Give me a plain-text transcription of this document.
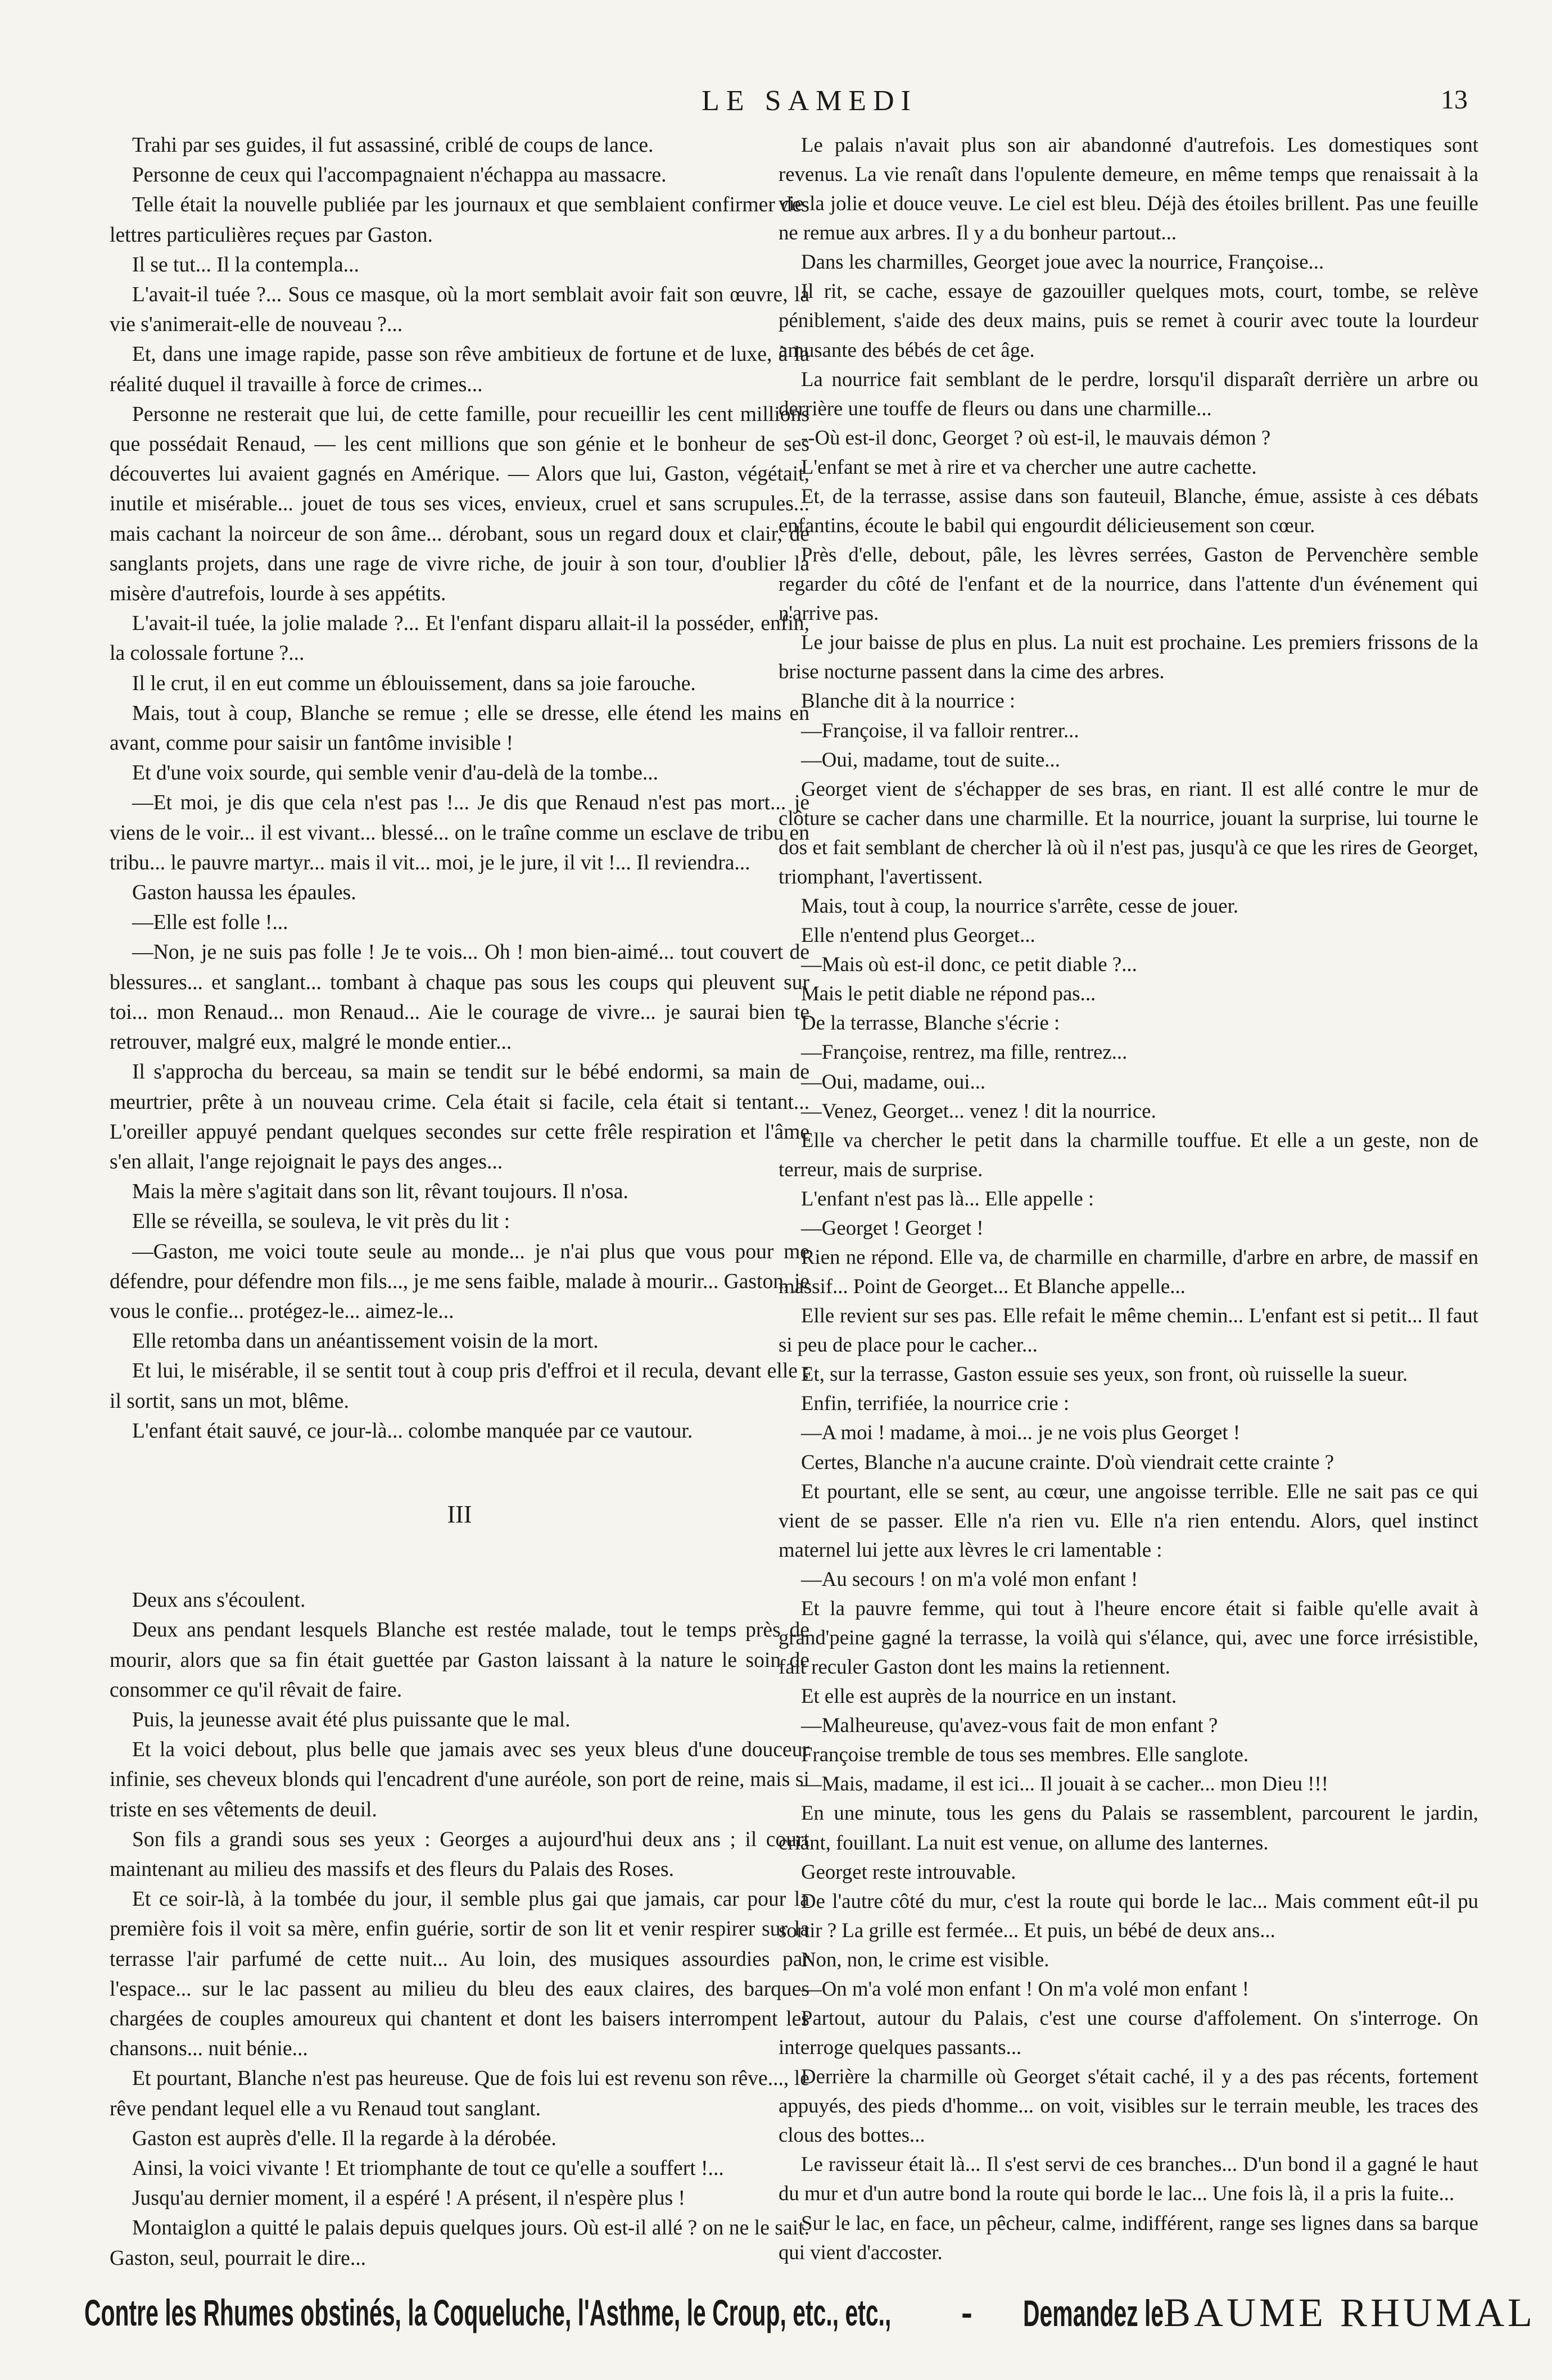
LE SAMEDI	13

Trahi par ses guides, il fut assassiné, criblé de coups de lance.

Personne de ceux qui l'accompagnaient n'échappa au massacre.

Telle était la nouvelle publiée par les journaux et que semblaient confirmer des lettres particulières reçues par Gaston.

Il se tut... Il la contempla...

L'avait-il tuée ?... Sous ce masque, où la mort semblait avoir fait son œuvre, la vie s'animerait-elle de nouveau ?...

Et, dans une image rapide, passe son rêve ambitieux de fortune et de luxe, à la réalité duquel il travaille à force de crimes...

Personne ne resterait que lui, de cette famille, pour recueillir les cent millions que possédait Renaud, — les cent millions que son génie et le bonheur de ses découvertes lui avaient gagnés en Amérique. — Alors que lui, Gaston, végétait, inutile et misérable... jouet de tous ses vices, envieux, cruel et sans scrupules... mais cachant la noirceur de son âme... dérobant, sous un regard doux et clair, de sanglants projets, dans une rage de vivre riche, de jouir à son tour, d'oublier la misère d'autrefois, lourde à ses appétits.

L'avait-il tuée, la jolie malade ?... Et l'enfant disparu allait-il la posséder, enfin, la colossale fortune ?...

Il le crut, il en eut comme un éblouissement, dans sa joie farouche.

Mais, tout à coup, Blanche se remue ; elle se dresse, elle étend les mains en avant, comme pour saisir un fantôme invisible !

Et d'une voix sourde, qui semble venir d'au-delà de la tombe...

—Et moi, je dis que cela n'est pas !... Je dis que Renaud n'est pas mort... je viens de le voir... il est vivant... blessé... on le traîne comme un esclave de tribu en tribu... le pauvre martyr... mais il vit... moi, je le jure, il vit !... Il reviendra...

Gaston haussa les épaules.

—Elle est folle !...

—Non, je ne suis pas folle ! Je te vois... Oh ! mon bien-aimé... tout couvert de blessures... et sanglant... tombant à chaque pas sous les coups qui pleuvent sur toi... mon Renaud... mon Renaud... Aie le courage de vivre... je saurai bien te retrouver, malgré eux, malgré le monde entier...

Il s'approcha du berceau, sa main se tendit sur le bébé endormi, sa main de meurtrier, prête à un nouveau crime. Cela était si facile, cela était si tentant... L'oreiller appuyé pendant quelques secondes sur cette frêle respiration et l'âme s'en allait, l'ange rejoignait le pays des anges...

Mais la mère s'agitait dans son lit, rêvant toujours. Il n'osa.

Elle se réveilla, se souleva, le vit près du lit :

—Gaston, me voici toute seule au monde... je n'ai plus que vous pour me défendre, pour défendre mon fils..., je me sens faible, malade à mourir... Gaston, je vous le confie... protégez-le... aimez-le...

Elle retomba dans un anéantissement voisin de la mort.

Et lui, le misérable, il se sentit tout à coup pris d'effroi et il recula, devant elle ; il sortit, sans un mot, blême.

L'enfant était sauvé, ce jour-là... colombe manquée par ce vautour.

III

Deux ans s'écoulent.

Deux ans pendant lesquels Blanche est restée malade, tout le temps près de mourir, alors que sa fin était guettée par Gaston laissant à la nature le soin de consommer ce qu'il rêvait de faire.

Puis, la jeunesse avait été plus puissante que le mal.

Et la voici debout, plus belle que jamais avec ses yeux bleus d'une douceur infinie, ses cheveux blonds qui l'encadrent d'une auréole, son port de reine, mais si triste en ses vêtements de deuil.

Son fils a grandi sous ses yeux : Georges a aujourd'hui deux ans ; il court maintenant au milieu des massifs et des fleurs du Palais des Roses.

Et ce soir-là, à la tombée du jour, il semble plus gai que jamais, car pour la première fois il voit sa mère, enfin guérie, sortir de son lit et venir respirer sur la terrasse l'air parfumé de cette nuit... Au loin, des musiques assourdies par l'espace... sur le lac passent au milieu du bleu des eaux claires, des barques chargées de couples amoureux qui chantent et dont les baisers interrompent les chansons... nuit bénie...

Et pourtant, Blanche n'est pas heureuse. Que de fois lui est revenu son rêve..., le rêve pendant lequel elle a vu Renaud tout sanglant.

Gaston est auprès d'elle. Il la regarde à la dérobée.

Ainsi, la voici vivante ! Et triomphante de tout ce qu'elle a souffert !...

Jusqu'au dernier moment, il a espéré ! A présent, il n'espère plus !

Montaiglon a quitté le palais depuis quelques jours. Où est-il allé ? on ne le sait. Gaston, seul, pourrait le dire...

Le palais n'avait plus son air abandonné d'autrefois. Les domestiques sont revenus. La vie renaît dans l'opulente demeure, en même temps que renaissait à la vie la jolie et douce veuve. Le ciel est bleu. Déjà des étoiles brillent. Pas une feuille ne remue aux arbres. Il y a du bonheur partout...

Dans les charmilles, Georget joue avec la nourrice, Françoise...

Il rit, se cache, essaye de gazouiller quelques mots, court, tombe, se relève péniblement, s'aide des deux mains, puis se remet à courir avec toute la lourdeur amusante des bébés de cet âge.

La nourrice fait semblant de le perdre, lorsqu'il disparaît derrière un arbre ou derrière une touffe de fleurs ou dans une charmille...

--Où est-il donc, Georget ? où est-il, le mauvais démon ?

L'enfant se met à rire et va chercher une autre cachette.

Et, de la terrasse, assise dans son fauteuil, Blanche, émue, assiste à ces débats enfantins, écoute le babil qui engourdit délicieusement son cœur.

Près d'elle, debout, pâle, les lèvres serrées, Gaston de Pervenchère semble regarder du côté de l'enfant et de la nourrice, dans l'attente d'un événement qui n'arrive pas.

Le jour baisse de plus en plus. La nuit est prochaine. Les premiers frissons de la brise nocturne passent dans la cime des arbres.

Blanche dit à la nourrice :

—Françoise, il va falloir rentrer...

—Oui, madame, tout de suite...

Georget vient de s'échapper de ses bras, en riant. Il est allé contre le mur de clôture se cacher dans une charmille. Et la nourrice, jouant la surprise, lui tourne le dos et fait semblant de chercher là où il n'est pas, jusqu'à ce que les rires de Georget, triomphant, l'avertissent.

Mais, tout à coup, la nourrice s'arrête, cesse de jouer.

Elle n'entend plus Georget...

—Mais où est-il donc, ce petit diable ?...

Mais le petit diable ne répond pas...

De la terrasse, Blanche s'écrie :

—Françoise, rentrez, ma fille, rentrez...

—Oui, madame, oui...

—Venez, Georget... venez ! dit la nourrice.

Elle va chercher le petit dans la charmille touffue. Et elle a un geste, non de terreur, mais de surprise.

L'enfant n'est pas là... Elle appelle :

—Georget ! Georget !

Rien ne répond. Elle va, de charmille en charmille, d'arbre en arbre, de massif en massif... Point de Georget... Et Blanche appelle...

Elle revient sur ses pas. Elle refait le même chemin... L'enfant est si petit... Il faut si peu de place pour le cacher...

Et, sur la terrasse, Gaston essuie ses yeux, son front, où ruisselle la sueur.

Enfin, terrifiée, la nourrice crie :

—A moi ! madame, à moi... je ne vois plus Georget !

Certes, Blanche n'a aucune crainte. D'où viendrait cette crainte ?

Et pourtant, elle se sent, au cœur, une angoisse terrible. Elle ne sait pas ce qui vient de se passer. Elle n'a rien vu. Elle n'a rien entendu. Alors, quel instinct maternel lui jette aux lèvres le cri lamentable :

—Au secours ! on m'a volé mon enfant !

Et la pauvre femme, qui tout à l'heure encore était si faible qu'elle avait à grand'peine gagné la terrasse, la voilà qui s'élance, qui, avec une force irrésistible, fait reculer Gaston dont les mains la retiennent.

Et elle est auprès de la nourrice en un instant.

—Malheureuse, qu'avez-vous fait de mon enfant ?

Françoise tremble de tous ses membres. Elle sanglote.

—Mais, madame, il est ici... Il jouait à se cacher... mon Dieu !!!

En une minute, tous les gens du Palais se rassemblent, parcourent le jardin, criant, fouillant. La nuit est venue, on allume des lanternes.

Georget reste introuvable.

De l'autre côté du mur, c'est la route qui borde le lac... Mais comment eût-il pu sortir ? La grille est fermée... Et puis, un bébé de deux ans...

Non, non, le crime est visible.

—On m'a volé mon enfant ! On m'a volé mon enfant !

Partout, autour du Palais, c'est une course d'affolement. On s'interroge. On interroge quelques passants...

Derrière la charmille où Georget s'était caché, il y a des pas récents, fortement appuyés, des pieds d'homme... on voit, visibles sur le terrain meuble, les traces des clous des bottes...

Le ravisseur était là... Il s'est servi de ces branches... D'un bond il a gagné le haut du mur et d'un autre bond la route qui borde le lac... Une fois là, il a pris la fuite...

Sur le lac, en face, un pêcheur, calme, indifférent, range ses lignes dans sa barque qui vient d'accoster.

Contre les Rhumes obstinés, la Coqueluche, l'Asthme, le Croup, etc., etc., - Demandez le BAUME RHUMAL
